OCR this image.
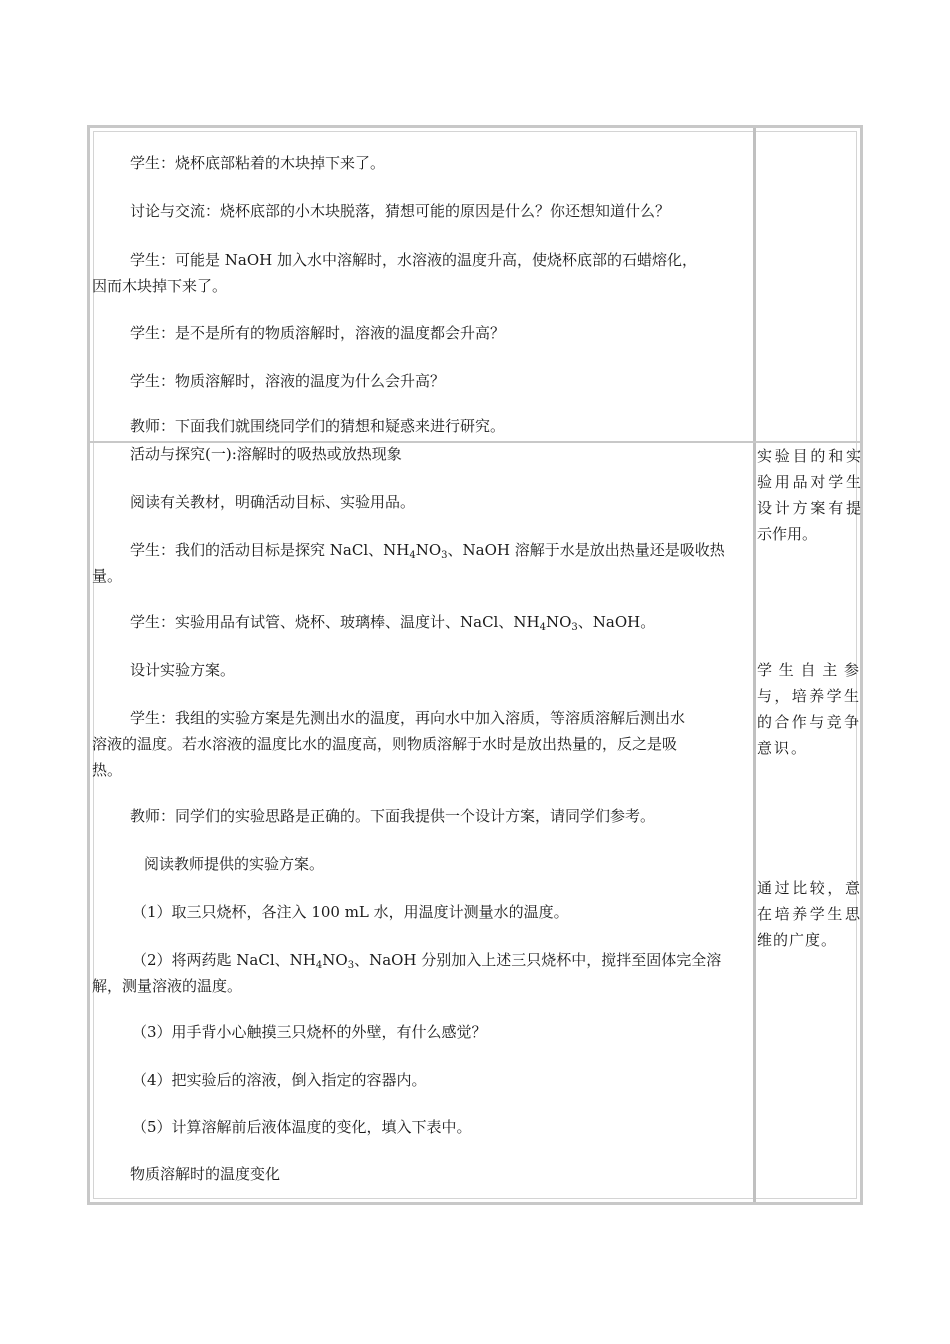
学生：烧杯底部粘着的木块掉下来了。

讨论与交流：烧杯底部的小木块脱落，猜想可能的原因是什么？你还想知道什么？

学生：可能是 NaOH 加入水中溶解时，水溶液的温度升高，使烧杯底部的石蜡熔化，

因而木块掉下来了。

学生：是不是所有的物质溶解时，溶液的温度都会升高？

学生：物质溶解时，溶液的温度为什么会升高？

教师：下面我们就围绕同学们的猜想和疑惑来进行研究。

活动与探究(一):溶解时的吸热或放热现象

阅读有关教材，明确活动目标、实验用品。

学生：我们的活动目标是探究 NaCl、$NH_4NO_3$、NaOH 溶解于水是放出热量还是吸收热

量。

学生：实验用品有试管、烧杯、玻璃棒、温度计、NaCl、$NH_4NO_3$、NaOH。

设计实验方案。

学生：我组的实验方案是先测出水的温度，再向水中加入溶质，等溶质溶解后测出水

溶液的温度。若水溶液的温度比水的温度高，则物质溶解于水时是放出热量的，反之是吸

热。

教师：同学们的实验思路是正确的。下面我提供一个设计方案，请同学们参考。

阅读教师提供的实验方案。

（1）取三只烧杯，各注入 100 mL 水，用温度计测量水的温度。

（2）将两药匙 NaCl、$NH_4NO_3$、NaOH 分别加入上述三只烧杯中，搅拌至固体完全溶

解，测量溶液的温度。

（3）用手背小心触摸三只烧杯的外壁，有什么感觉？

（4）把实验后的溶液，倒入指定的容器内。

（5）计算溶解前后液体温度的变化，填入下表中。

物质溶解时的温度变化

实验目的和实验用品对学生设计方案有提示作用。
学生自主参与，培养学生的合作与竞争意识。
通过比较，意在培养学生思维的广度。
